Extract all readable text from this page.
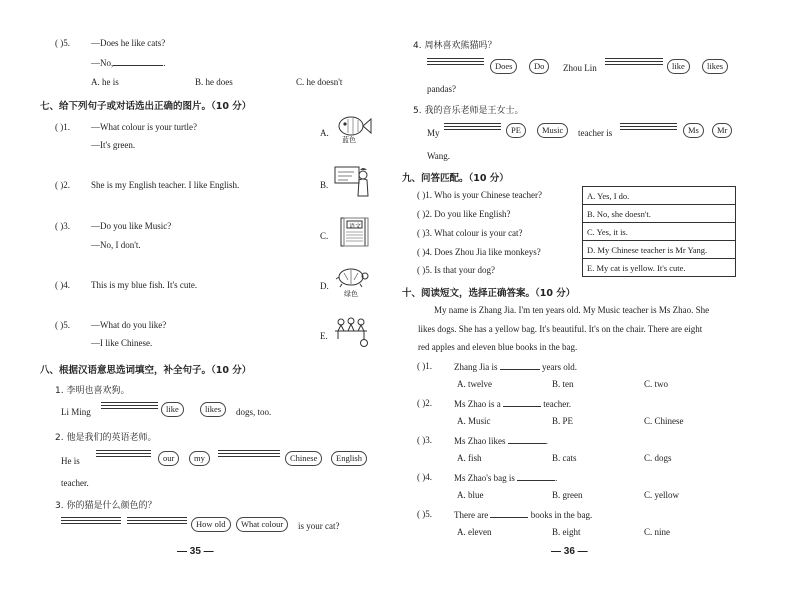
( )5. —Does he like cats?
—No,	.
A. he is	B. he does	C. he doesn't
七、给下列句子或对话选出正确的图片。（10 分）
( )1. —What colour is your turtle?
—It's green.
( )2. She is my English teacher. I like English.
( )3. —Do you like Music?
—No, I don't.
( )4. This is my blue fish. It's cute.
( )5. —What do you like?
—I like Chinese.
A.
蓝色
B.
C.
语文
D.
绿色
E.
八、根据汉语意思选词填空，补全句子。（10 分）
1. 李明也喜欢狗。
Li Ming	like	likes	dogs, too.
2. 他是我们的英语老师。
He is	our	my	Chinese	English
teacher.
3. 你的猫是什么颜色的？
How old	What colour	is your cat?
— 35 —
4. 周林喜欢熊猫吗？
Does	Do	Zhou Lin	like	likes
pandas?
5. 我的音乐老师是王女士。
My	PE	Music	teacher is	Ms	Mr
Wang.
九、问答匹配。（10 分）
( )1. Who is your Chinese teacher?
( )2. Do you like English?
( )3. What colour is your cat?
( )4. Does Zhou Jia like monkeys?
( )5. Is that your dog?
A. Yes, I do.
B. No, she doesn't.
C. Yes, it is.
D. My Chinese teacher is Mr Yang.
E. My cat is yellow. It's cute.
十、阅读短文，选择正确答案。（10 分）
My name is Zhang Jia. I'm ten years old. My Music teacher is Ms Zhao. She
likes dogs. She has a yellow bag. It's beautiful. It's on the chair. There are eight
red apples and eleven blue books in the bag.
( )1. Zhang Jia is	years old.
A. twelve	B. ten	C. two
( )2. Ms Zhao is a	teacher.
A. Music	B. PE	C. Chinese
( )3. Ms Zhao likes	.
A. fish	B. cats	C. dogs
( )4. Ms Zhao's bag is	.
A. blue	B. green	C. yellow
( )5. There are	books in the bag.
A. eleven	B. eight	C. nine
— 36 —
